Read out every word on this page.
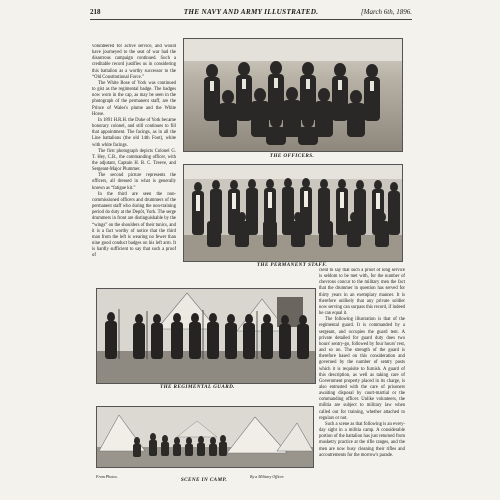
218	THE NAVY AND ARMY ILLUSTRATED.	[March 6th, 1896.

volunteered for active service, and would have journeyed to the seat of war had the disastrous campaign continued. Such a creditable record justifies us in considering this battalion as a worthy successor to the “Old Constitutional Force.”

The White Rose of York was continued to gist as the regimental badge. The badges now worn in the cap, as may be seen in the photograph of the permanent staff, are the Prince of Wales's plume and the White Horse.

In 1891 H.R.H. the Duke of York became honorary colonel, and still continues to fill that appointment. The facings, as in all the Line battalions (the old 14th Foot), white with white facings.

The first photograph depicts Colonel G. T. Hey, C.B., the commanding officer, with the adjutant, Captain H. B. C. Treeve, and Sergeant-Major Plummer.

The second picture represents the officers, all dressed in what is generally known as “fatigue kit.”

In the third are seen the non-commissioned officers and drummers of the permanent staff who during the non-training period do duty at the Depôt, York. The serge drummers in front are distinguishable by the “wings” on the shoulders of their tunics, and it is a fact worthy of notice that the third man from the left is wearing no fewer than nine good conduct badges on his left arm. It is hardly sufficient to say that such a proof of

cient to say that such a proof of long service is seldom to be met with, for the number of chevrons concur to the military men the fact that the drummer in question has served for thirty years in an exemplary manner. It is therefore unlikely that any private soldier now serving can surpass this record, if indeed he can equal it.

The following illustration is that of the regimental guard. It is commanded by a sergeant, and occupies the guard tent. A private detailed for guard duty does two hours' sentry-go, followed by four hours' rest, and so on. The strength of the guard is therefore based on this consideration and governed by the number of sentry posts which it is requisite to furnish. A guard of this description, as well as taking care of Government property placed in its charge, is also entrusted with the care of prisoners awaiting disposal by court-martial or the commanding officer. Unlike volunteers, the militia are subject to military law when called out for training, whether attached to regulars or not.

Such a scene as that following is an every-day sight in a militia camp. A considerable portion of the battalion has just returned from musketry practice at the rifle ranges, and the men are now busy cleaning their rifles and accoutrements for the morrow's parade.

THE OFFICERS.
THE PERMANENT STAFF.
THE REGIMENTAL GUARD.
From Photos.
SCENE IN CAMP.
By a Military Officer.
